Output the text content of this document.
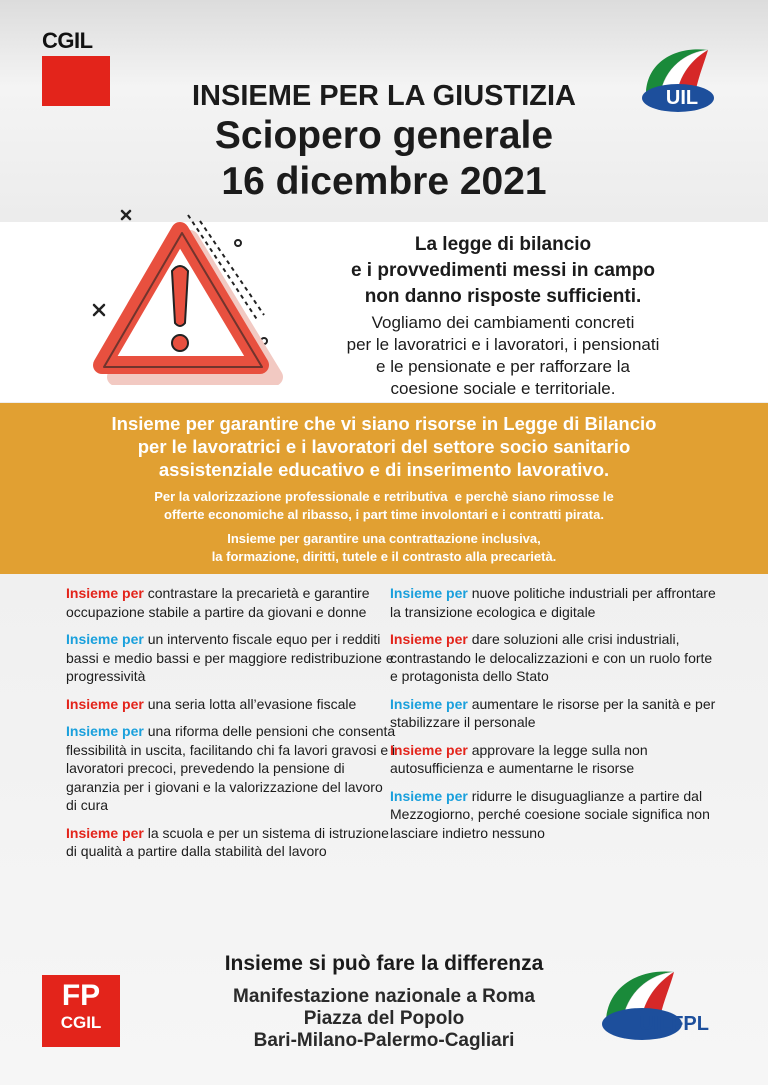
CGIL
UIL
INSIEME PER LA GIUSTIZIA
Sciopero generale
16 dicembre 2021
La legge di bilancio
e i provvedimenti messi in campo
non danno risposte sufficienti.
Vogliamo dei cambiamenti concreti
per le lavoratrici e i lavoratori, i pensionati
e le pensionate e per rafforzare la
coesione sociale e territoriale.
Insieme per garantire che vi siano risorse in Legge di Bilancio
per le lavoratrici e i lavoratori del settore socio sanitario
assistenziale educativo e di inserimento lavorativo.
Per la valorizzazione professionale e retributiva  e perchè siano rimosse le
offerte economiche al ribasso, i part time involontari e i contratti pirata.
Insieme per garantire una contrattazione inclusiva,
la formazione, diritti, tutele e il contrasto alla precarietà.
Insieme per contrastare la precarietà e garantire occupazione stabile a partire da giovani e donne
Insieme per un intervento fiscale equo per i redditi bassi e medio bassi e per maggiore redistribuzione e progressività
Insieme per una seria lotta all’evasione fiscale
Insieme per una riforma delle pensioni che consenta flessibilità in uscita, facilitando chi fa lavori gravosi e i lavoratori precoci, prevedendo la pensione di garanzia per i giovani e la valorizzazione del lavoro di cura
Insieme per la scuola e per un sistema di istruzione di qualità a partire dalla stabilità del lavoro
Insieme per nuove politiche industriali per affrontare la transizione ecologica e digitale
Insieme per dare soluzioni alle crisi industriali, contrastando le delocalizzazioni e con un ruolo forte e protagonista dello Stato
Insieme per aumentare le risorse per la sanità e per stabilizzare il personale
Insieme per approvare la legge sulla non autosufficienza e aumentarne le risorse
Insieme per ridurre le disuguaglianze a partire dal Mezzogiorno, perché coesione sociale significa non lasciare indietro nessuno
Insieme si può fare la differenza
Manifestazione nazionale a Roma
Piazza del Popolo
Bari-Milano-Palermo-Cagliari
FP
CGIL	UILFPL
